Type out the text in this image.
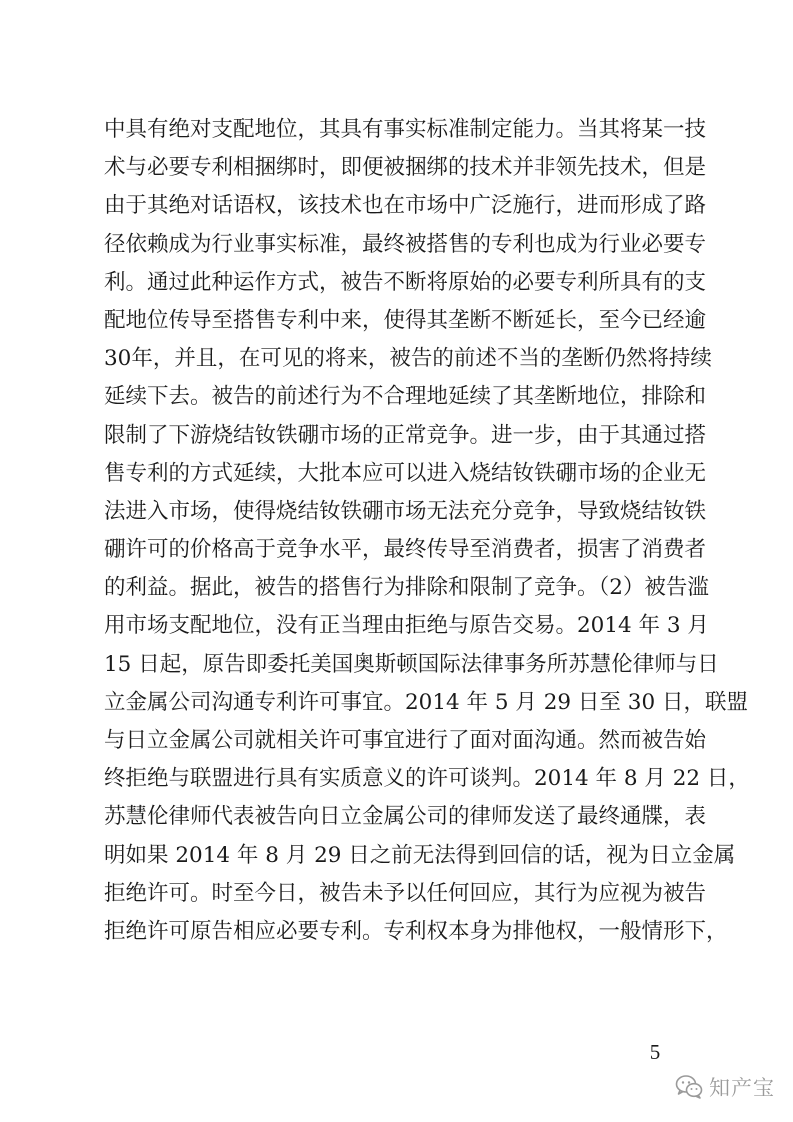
中具有绝对支配地位，其具有事实标准制定能力。当其将某一技
术与必要专利相捆绑时，即便被捆绑的技术并非领先技术，但是
由于其绝对话语权，该技术也在市场中广泛施行，进而形成了路
径依赖成为行业事实标准，最终被搭售的专利也成为行业必要专
利。通过此种运作方式，被告不断将原始的必要专利所具有的支
配地位传导至搭售专利中来，使得其垄断不断延长，至今已经逾
30年，并且，在可见的将来，被告的前述不当的垄断仍然将持续
延续下去。被告的前述行为不合理地延续了其垄断地位，排除和
限制了下游烧结钕铁硼市场的正常竞争。进一步，由于其通过搭
售专利的方式延续，大批本应可以进入烧结钕铁硼市场的企业无
法进入市场，使得烧结钕铁硼市场无法充分竞争，导致烧结钕铁
硼许可的价格高于竞争水平，最终传导至消费者，损害了消费者
的利益。据此，被告的搭售行为排除和限制了竞争。（2）被告滥
用市场支配地位，没有正当理由拒绝与原告交易。2014 年 3 月
15 日起，原告即委托美国奥斯顿国际法律事务所苏慧伦律师与日
立金属公司沟通专利许可事宜。2014 年 5 月 29 日至 30 日，联盟
与日立金属公司就相关许可事宜进行了面对面沟通。然而被告始
终拒绝与联盟进行具有实质意义的许可谈判。2014 年 8 月 22 日，
苏慧伦律师代表被告向日立金属公司的律师发送了最终通牒，表
明如果 2014 年 8 月 29 日之前无法得到回信的话，视为日立金属
拒绝许可。时至今日，被告未予以任何回应，其行为应视为被告
拒绝许可原告相应必要专利。专利权本身为排他权，一般情形下，
5
知产宝
